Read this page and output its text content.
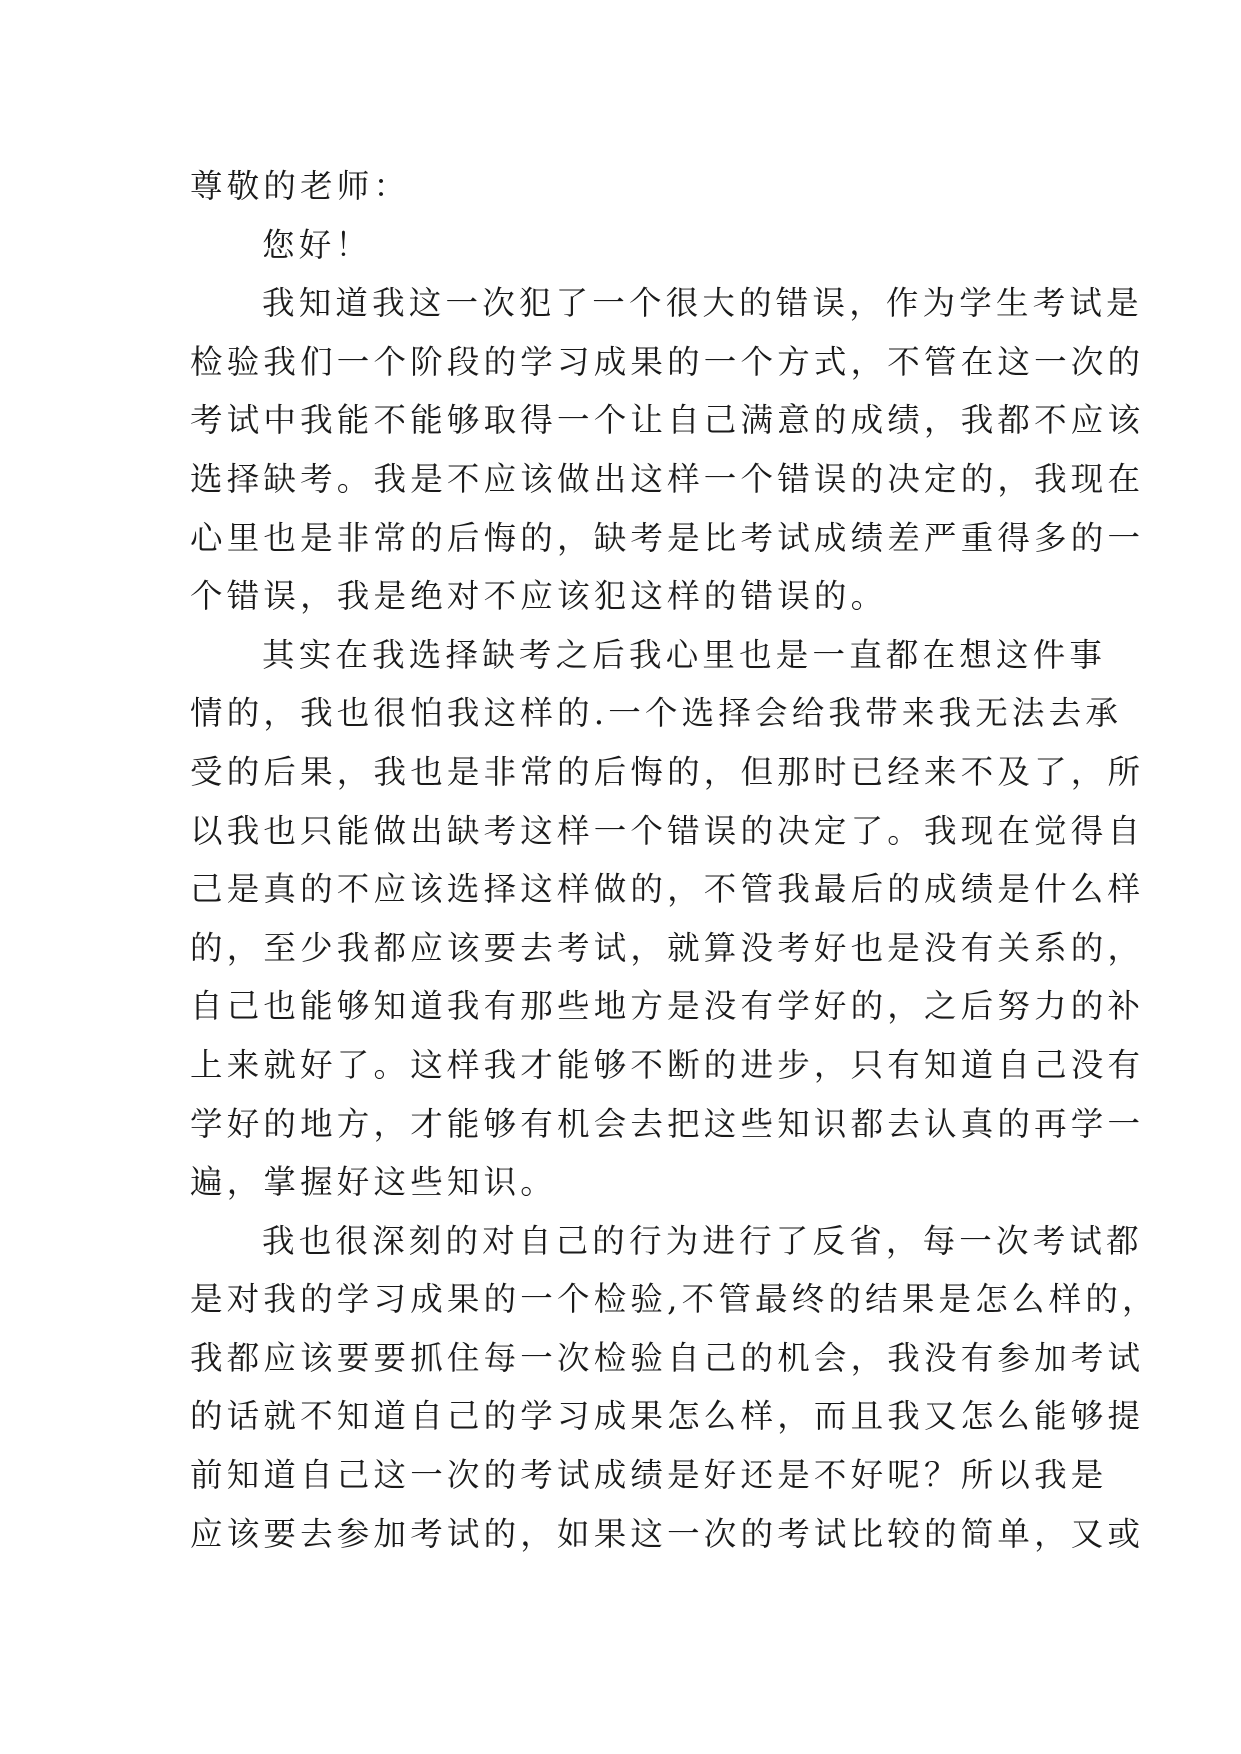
尊敬的老师：
您好！
我知道我这一次犯了一个很大的错误，作为学生考试是
检验我们一个阶段的学习成果的一个方式，不管在这一次的
考试中我能不能够取得一个让自己满意的成绩，我都不应该
选择缺考。我是不应该做出这样一个错误的决定的，我现在
心里也是非常的后悔的，缺考是比考试成绩差严重得多的一
个错误，我是绝对不应该犯这样的错误的。
其实在我选择缺考之后我心里也是一直都在想这件事
情的，我也很怕我这样的.一个选择会给我带来我无法去承
受的后果，我也是非常的后悔的，但那时已经来不及了，所
以我也只能做出缺考这样一个错误的决定了。我现在觉得自
己是真的不应该选择这样做的，不管我最后的成绩是什么样
的，至少我都应该要去考试，就算没考好也是没有关系的，
自己也能够知道我有那些地方是没有学好的，之后努力的补
上来就好了。这样我才能够不断的进步，只有知道自己没有
学好的地方，才能够有机会去把这些知识都去认真的再学一
遍，掌握好这些知识。
我也很深刻的对自己的行为进行了反省，每一次考试都
是对我的学习成果的一个检验,不管最终的结果是怎么样的，
我都应该要要抓住每一次检验自己的机会，我没有参加考试
的话就不知道自己的学习成果怎么样，而且我又怎么能够提
前知道自己这一次的考试成绩是好还是不好呢？所以我是
应该要去参加考试的，如果这一次的考试比较的简单，又或
